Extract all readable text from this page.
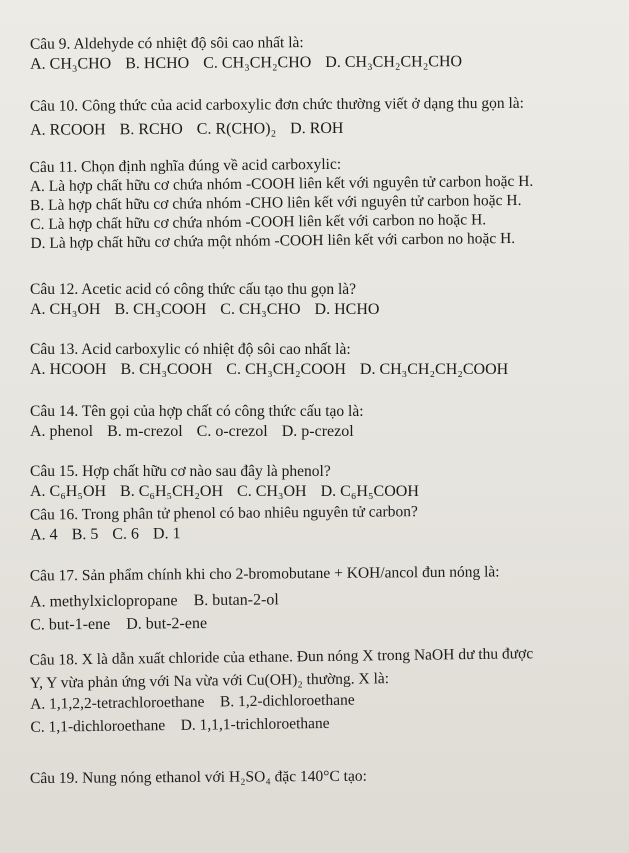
Câu 9. Aldehyde có nhiệt độ sôi cao nhất là:
A. CH₃CHO B. HCHO C. CH₃CH₂CHO D. CH₃CH₂CH₂CHO
Câu 10. Công thức của acid carboxylic đơn chức thường viết ở dạng thu gọn là:
A. RCOOH B. RCHO C. R(CHO)₂ D. ROH
Câu 11. Chọn định nghĩa đúng về acid carboxylic:
A. Là hợp chất hữu cơ chứa nhóm -COOH liên kết với nguyên tử carbon hoặc H.
B. Là hợp chất hữu cơ chứa nhóm -CHO liên kết với nguyên tử carbon hoặc H.
C. Là hợp chất hữu cơ chứa nhóm -COOH liên kết với carbon no hoặc H.
D. Là hợp chất hữu cơ chứa một nhóm -COOH liên kết với carbon no hoặc H.
Câu 12. Acetic acid có công thức cấu tạo thu gọn là?
A. CH₃OH B. CH₃COOH C. CH₃CHO D. HCHO
Câu 13. Acid carboxylic có nhiệt độ sôi cao nhất là:
A. HCOOH B. CH₃COOH C. CH₃CH₂COOH D. CH₃CH₂CH₂COOH
Câu 14. Tên gọi của hợp chất có công thức cấu tạo là:
A. phenol B. m-crezol C. o-crezol D. p-crezol
Câu 15. Hợp chất hữu cơ nào sau đây là phenol?
A. C₆H₅OH B. C₆H₅CH₂OH C. CH₃OH D. C₆H₅COOH
Câu 16. Trong phân tử phenol có bao nhiêu nguyên tử carbon?
A. 4 B. 5 C. 6 D. 1
Câu 17. Sản phẩm chính khi cho 2-bromobutane + KOH/ancol đun nóng là:
A. methylxiclopropane    B. butan-2-ol
C. but-1-ene    D. but-2-ene
Câu 18. X là dẫn xuất chloride của ethane. Đun nóng X trong NaOH dư thu được
Y, Y vừa phản ứng với Na vừa với Cu(OH)₂ thường. X là:
A. 1,1,2,2-tetrachloroethane    B. 1,2-dichloroethane
C. 1,1-dichloroethane    D. 1,1,1-trichloroethane
Câu 19. Nung nóng ethanol với H₂SO₄ đặc 140°C tạo:
